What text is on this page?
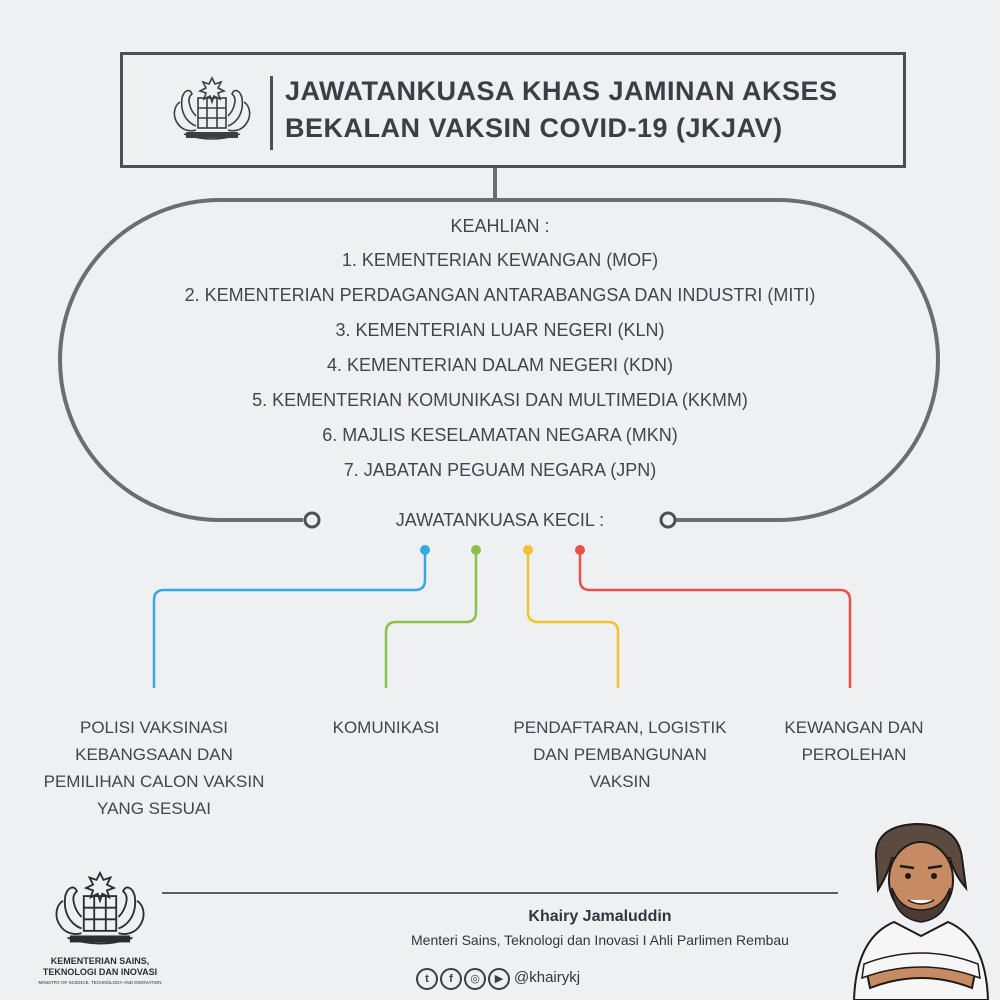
JAWATANKUASA KHAS JAMINAN AKSES
BEKALAN VAKSIN COVID-19 (JKJAV)
KEAHLIAN :
1. KEMENTERIAN KEWANGAN (MOF)
2. KEMENTERIAN PERDAGANGAN ANTARABANGSA DAN INDUSTRI (MITI)
3. KEMENTERIAN LUAR NEGERI (KLN)
4. KEMENTERIAN DALAM NEGERI (KDN)
5. KEMENTERIAN KOMUNIKASI DAN MULTIMEDIA (KKMM)
6. MAJLIS KESELAMATAN NEGARA (MKN)
7. JABATAN PEGUAM NEGARA (JPN)
JAWATANKUASA KECIL :
POLISI VAKSINASI
KEBANGSAAN DAN
PEMILIHAN CALON VAKSIN
YANG SESUAI
KOMUNIKASI	PENDAFTARAN, LOGISTIK
DAN PEMBANGUNAN
VAKSIN
KEWANGAN DAN
PEROLEHAN
KEMENTERIAN SAINS,
TEKNOLOGI DAN INOVASI
MINISTRY OF SCIENCE, TECHNOLOGY AND INNOVATION
Khairy Jamaluddin
Menteri Sains, Teknologi dan Inovasi I Ahli Parlimen Rembau
t	f	◎	▶ @khairykj
